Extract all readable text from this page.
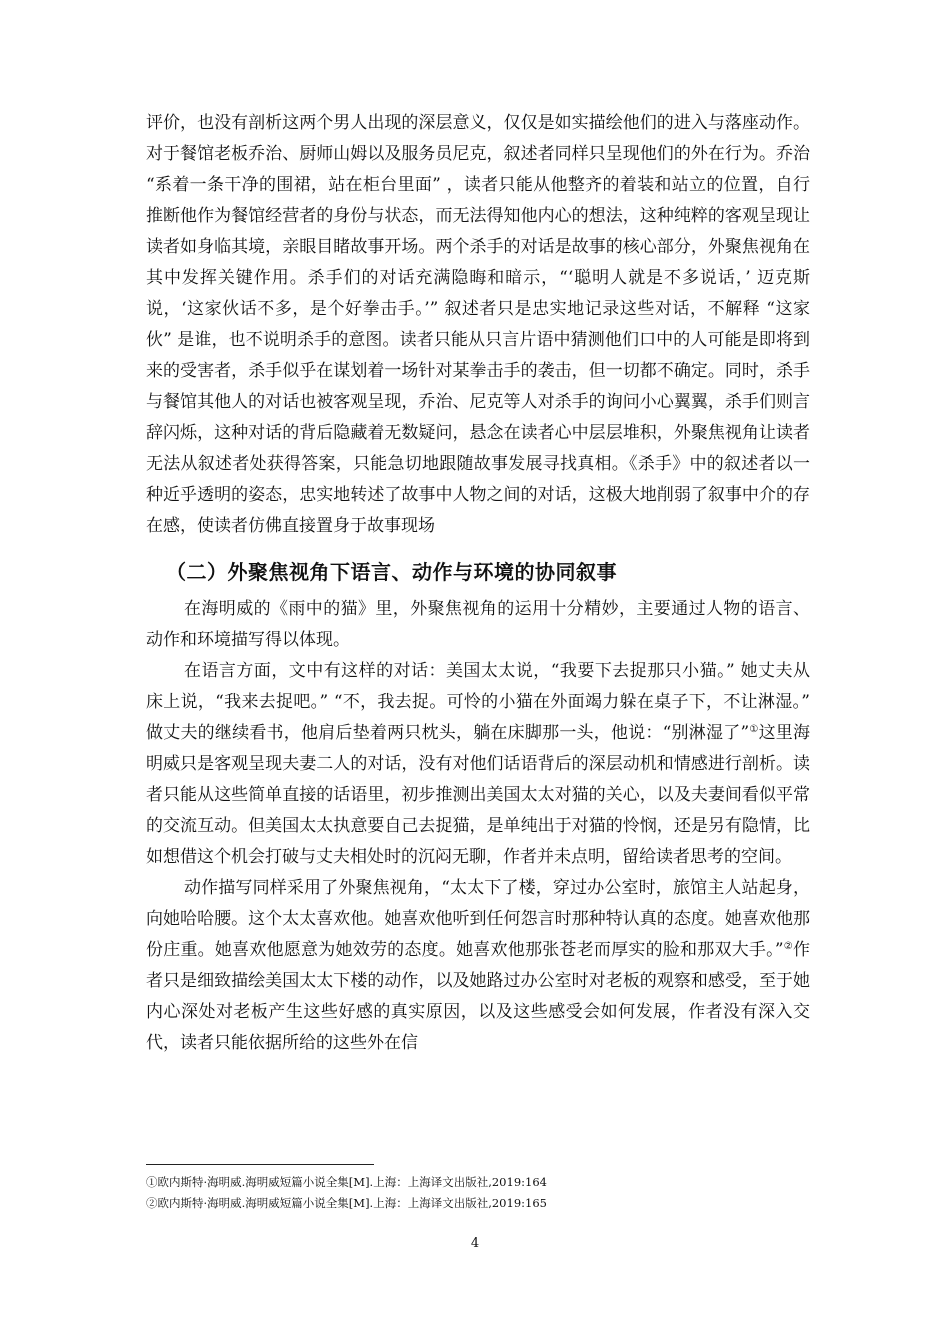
评价，也没有剖析这两个男人出现的深层意义，仅仅是如实描绘他们的进入与落座动作。对于餐馆老板乔治、厨师山姆以及服务员尼克，叙述者同样只呈现他们的外在行为。乔治 “系着一条干净的围裙，站在柜台里面” ，读者只能从他整齐的着装和站立的位置，自行推断他作为餐馆经营者的身份与状态，而无法得知他内心的想法，这种纯粹的客观呈现让读者如身临其境，亲眼目睹故事开场。两个杀手的对话是故事的核心部分，外聚焦视角在其中发挥关键作用。杀手们的对话充满隐晦和暗示，“‘聪明人就是不多说话，’ 迈克斯说，‘这家伙话不多，是个好拳击手。’” 叙述者只是忠实地记录这些对话，不解释 “这家伙” 是谁，也不说明杀手的意图。读者只能从只言片语中猜测他们口中的人可能是即将到来的受害者，杀手似乎在谋划着一场针对某拳击手的袭击，但一切都不确定。同时，杀手与餐馆其他人的对话也被客观呈现，乔治、尼克等人对杀手的询问小心翼翼，杀手们则言辞闪烁，这种对话的背后隐藏着无数疑问，悬念在读者心中层层堆积，外聚焦视角让读者无法从叙述者处获得答案，只能急切地跟随故事发展寻找真相。《杀手》中的叙述者以一种近乎透明的姿态，忠实地转述了故事中人物之间的对话，这极大地削弱了叙事中介的存在感，使读者仿佛直接置身于故事现场

（二）外聚焦视角下语言、动作与环境的协同叙事

在海明威的《雨中的猫》里，外聚焦视角的运用十分精妙，主要通过人物的语言、动作和环境描写得以体现。

在语言方面，文中有这样的对话：美国太太说，“我要下去捉那只小猫。” 她丈夫从床上说，“我来去捉吧。” “不，我去捉。可怜的小猫在外面竭力躲在桌子下，不让淋湿。” 做丈夫的继续看书，他肩后垫着两只枕头，躺在床脚那一头，他说：“别淋湿了”①这里海明威只是客观呈现夫妻二人的对话，没有对他们话语背后的深层动机和情感进行剖析。读者只能从这些简单直接的话语里，初步推测出美国太太对猫的关心，以及夫妻间看似平常的交流互动。但美国太太执意要自己去捉猫，是单纯出于对猫的怜悯，还是另有隐情，比如想借这个机会打破与丈夫相处时的沉闷无聊，作者并未点明，留给读者思考的空间。

动作描写同样采用了外聚焦视角，“太太下了楼，穿过办公室时，旅馆主人站起身，向她哈哈腰。这个太太喜欢他。她喜欢他听到任何怨言时那种特认真的态度。她喜欢他那份庄重。她喜欢他愿意为她效劳的态度。她喜欢他那张苍老而厚实的脸和那双大手。”②作者只是细致描绘美国太太下楼的动作，以及她路过办公室时对老板的观察和感受，至于她内心深处对老板产生这些好感的真实原因，以及这些感受会如何发展，作者没有深入交代，读者只能依据所给的这些外在信

①欧内斯特·海明威.海明威短篇小说全集[M].上海：上海译文出版社,2019:164
②欧内斯特·海明威.海明威短篇小说全集[M].上海：上海译文出版社,2019:165
4
